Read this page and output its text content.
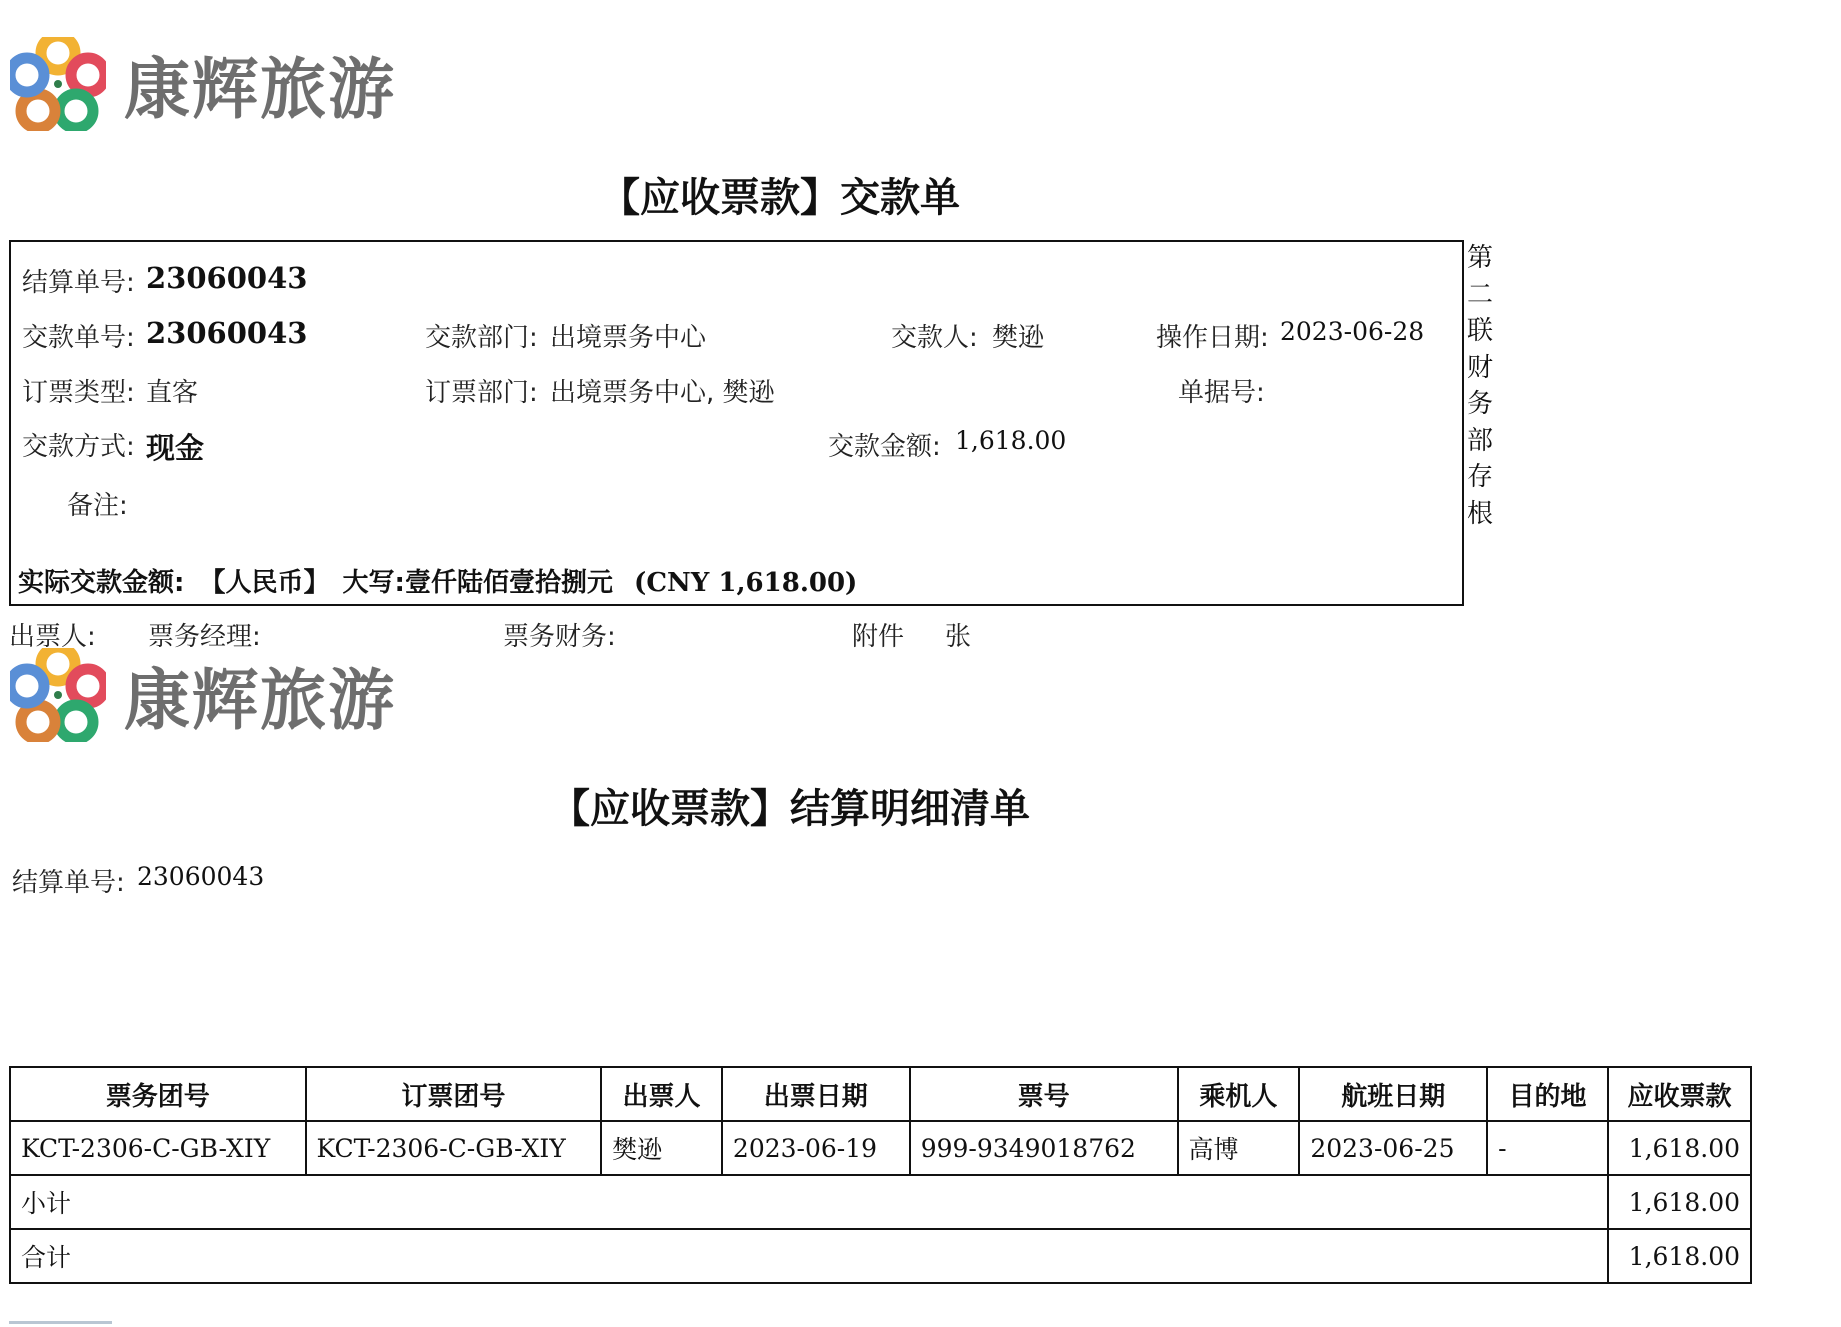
康辉旅游
【应收票款】交款单
结算单号: 23060043
交款单号: 23060043	交款部门: 出境票务中心	交款人: 樊逊	操作日期: 2023-06-28
订票类型: 直客	订票部门: 出境票务中心, 樊逊	单据号:
交款方式: 现金	交款金额: 1,618.00
备注:
实际交款金额: 【人民币】 大写:壹仟陆佰壹拾捌元 (CNY 1,618.00)
第
二
联
财
务
部
存
根
出票人: 票务经理:	票务财务:	附件 张
康辉旅游
【应收票款】结算明细清单
结算单号: 23060043
票务团号	订票团号	出票人	出票日期	票号	乘机人	航班日期	目的地	应收票款
KCT-2306-C-GB-XIY	KCT-2306-C-GB-XIY	樊逊	2023-06-19	999-9349018762	高博	2023-06-25	-	1,618.00
小计								1,618.00
合计								1,618.00
